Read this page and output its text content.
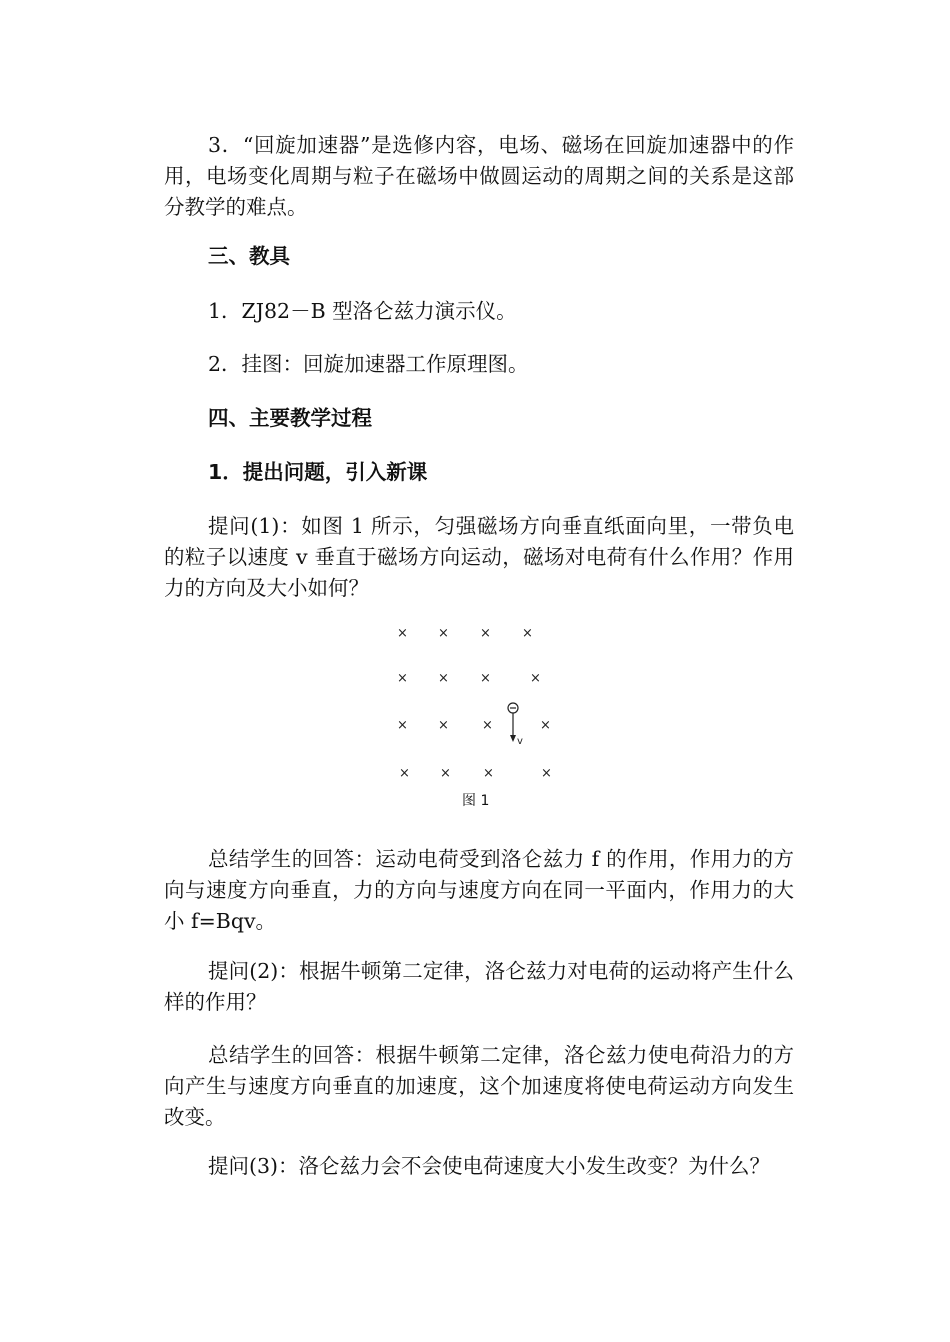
3．“回旋加速器”是选修内容，电场、磁场在回旋加速器中的作用，电场变化周期与粒子在磁场中做圆运动的周期之间的关系是这部分教学的难点。

三、教具

1．ZJ82－B 型洛仑兹力演示仪。

2．挂图：回旋加速器工作原理图。

四、主要教学过程

1．提出问题，引入新课

提问(1)：如图 1 所示，匀强磁场方向垂直纸面向里，一带负电的粒子以速度 v 垂直于磁场方向运动，磁场对电荷有什么作用？作用力的方向及大小如何？

× × × ×
× × ×	×
× ×	×	×
× × ×	×
v
图 1

总结学生的回答：运动电荷受到洛仑兹力 f 的作用，作用力的方向与速度方向垂直，力的方向与速度方向在同一平面内，作用力的大小 f=Bqv。

提问(2)：根据牛顿第二定律，洛仑兹力对电荷的运动将产生什么样的作用？

总结学生的回答：根据牛顿第二定律，洛仑兹力使电荷沿力的方向产生与速度方向垂直的加速度，这个加速度将使电荷运动方向发生改变。

提问(3)：洛仑兹力会不会使电荷速度大小发生改变？为什么？
